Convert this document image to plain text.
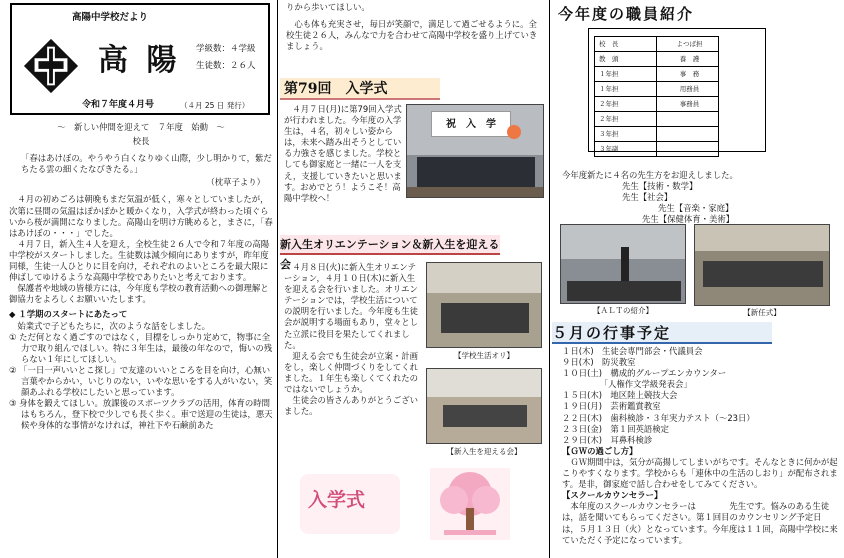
高陽中学校だより
高 陽 学級数：４学級
生徒数：２６人
令和７年度４月号	（４月 25 日 発行）

～　新しい仲間を迎えて　７年度　始動　～

校長

「春はあけぼの。やうやう白くなりゆく山際，少し明かりて，紫だちたる雲の細くたなびきたる。」

（枕草子より）

４月の初めごろは朝晩もまだ気温が低く，寒々としていましたが，次第に昼間の気温はぽかぽかと暖かくなり，入学式が終わった頃ぐらいから桜が満開になりました。高陽山を明け方眺めると，まさに，「春はあけぼの・・・」でした。

４月７日，新入生４人を迎え，全校生徒２６人で令和７年度の高陽中学校がスタートしました。生徒数は減少傾向にありますが，昨年度同様，生徒一人ひとりに目を向け，それぞれのよいところを最大限に伸ばしてゆけるような高陽中学校でありたいと考えております。

保護者や地域の皆様方には，今年度も学校の教育活動への御理解と御協力をよろしくお願いいたします。

◆ １学期のスタートにあたって

始業式で子どもたちに，次のような話をしました。

① ただ何となく過ごすのではなく，目標をしっかり定めて，物事に全力で取り組んでほしい。特に３年生は，最後の年なので，悔いの残らない１年にしてほしい。

② 「一日一声いいとこ探し」で友達のいいところを目を向け，心無い言葉やからかい，いじりのない，いやな思いをする人がいない，笑顔あふれる学校にしたいと思っています。

③ 身体を鍛えてほしい。放課後のスポーツクラブの活用，体育の時間はもちろん，登下校で少しでも長く歩く。車で送迎の生徒は，悪天候や身体的な事情がなければ，神社下や石鹸前あた

りから歩いてほしい。

心も体も充実させ，毎日が笑顔で，満足して過ごせるように。全校生徒２６人，みんなで力を合わせて高陽中学校を盛り上げていきましょう。

第79回　入学式

４月７日(月)に第79回入学式が行われました。今年度の入学生は，４名，初々しい姿からは，未来へ踏み出そうとしている力強さを感じました。学校としても御家庭と一緒に一人を支え，支援していきたいと思います。おめでとう！ようこそ！高陽中学校へ！

祝　入　学
新入生オリエンテーション＆新入生を迎える会 ４月８日(火)に新入生オリエンテーション，４月１０日(木)に新入生を迎える会を行いました。オリエンテーションでは，学校生活についての説明を行いました。今年度も生徒会が説明する場面もあり，堂々とした立派に役目を果たしてくれました。

迎える会でも生徒会が立案・計画をし，楽しく仲間づくりをしてくれました。１年生も楽しくてくれたのではないでしょうか。

生徒会の皆さんありがとうございました。

【学校生活オリ】
【新入生を迎える会】
入学式
今年度の職員紹介
校　長	よつば担
教　頭	養　護
１年担	事　務
１年担	用務員
２年担	事務員
２年担	
３年担	
３年副	

今年度新たに４名の先生方をお迎えしました。

先生【技術・数学】

先生【社会】

先生【音楽・家庭】

先生【保健体育・美術】

【ＡＬＴの紹介】	【新任式】
５月の行事予定

１日(木)　生徒会専門部会・代議員会

９日(木)　防災教室

１０日(土)　構成的グループエンカウンター

　　　　　「人権作文学級発表会」

１５日(木)　地区陸上競技大会

１９日(月)　芸術鑑賞教室

２２日(木)　歯科検診・３年実力テスト（～23日）

２３日(金)　第１回英語検定

２９日(木)　耳鼻科検診

【ＧＷの過ごし方】

ＧＷ期間中は，気分が高揚してしまいがちです。そんなときに何かが起こりやすくなります。学校からも「連休中の生活のしおり」が配布されます。是非，御家庭で話し合わせをしてみてください。

【スクールカウンセラー】

本年度のスクールカウンセラーは　　　　先生です。悩みのある生徒は，話を聞いてもらってください。第１回目のカウンセリング予定日は，５月１３日（火）となっています。今年度は１１回，高陽中学校に来ていただく予定になっています。
